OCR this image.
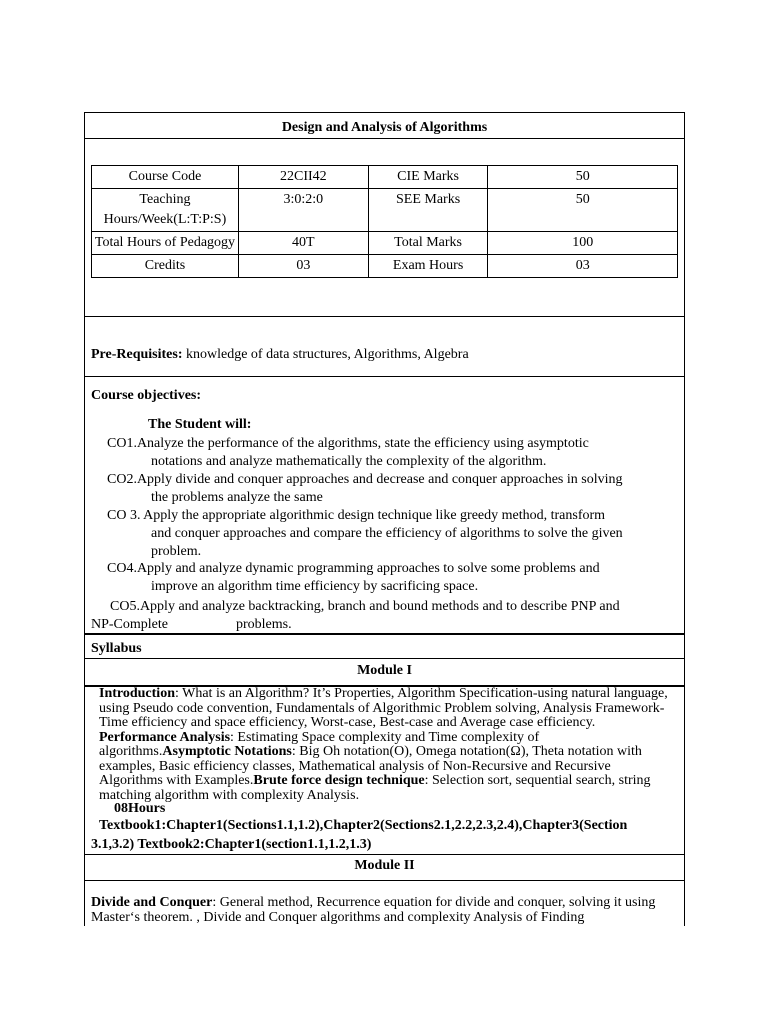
Design and Analysis of Algorithms
Course Code	22CII42	CIE Marks	50
Teaching Hours/Week(L:T:P:S)	3:0:2:0	SEE Marks	50
Total Hours of Pedagogy	40T	Total Marks	100
Credits	03	Exam Hours	03
Pre-Requisites: knowledge of data structures, Algorithms, Algebra
Course objectives:
The Student will:
CO1.Analyze the performance of the algorithms, state the efficiency using asymptotic
notations and analyze mathematically the complexity of the algorithm.
CO2.Apply divide and conquer approaches and decrease and conquer approaches in solving
the problems analyze the same
CO 3. Apply the appropriate algorithmic design technique like greedy method, transform
and conquer approaches and compare the efficiency of algorithms to solve the given problem.
CO4.Apply and analyze dynamic programming approaches to solve some problems and
improve an algorithm time efficiency by sacrificing space.
CO5.Apply and analyze backtracking, branch and bound methods and to describe PNP and
NP-Complete	problems.
Syllabus
Module I
Introduction: What is an Algorithm? It’s Properties, Algorithm Specification-using natural language, using Pseudo code convention, Fundamentals of Algorithmic Problem solving, Analysis Framework-Time efficiency and space efficiency, Worst-case, Best-case and Average case efficiency. Performance Analysis: Estimating Space complexity and Time complexity of algorithms.Asymptotic Notations: Big Oh notation(O), Omega notation(Ω), Theta notation with examples, Basic efficiency classes, Mathematical analysis of Non-Recursive and Recursive Algorithms with Examples.Brute force design technique: Selection sort, sequential search, string matching algorithm with complexity Analysis.
08Hours
Textbook1:Chapter1(Sections1.1,1.2),Chapter2(Sections2.1,2.2,2.3,2.4),Chapter3(Section
3.1,3.2) Textbook2:Chapter1(section1.1,1.2,1.3)
Module II
Divide and Conquer: General method, Recurrence equation for divide and conquer, solving it using Master‘s theorem. , Divide and Conquer algorithms and complexity Analysis of Finding
